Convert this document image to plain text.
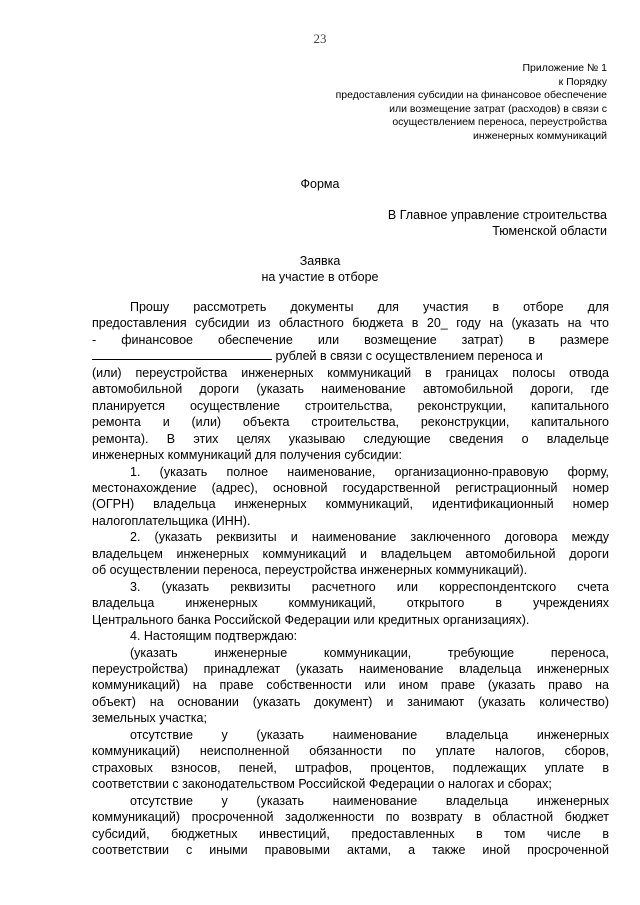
23
Приложение № 1
к Порядку
предоставления субсидии на финансовое обеспечение
или возмещение затрат (расходов) в связи с
осуществлением переноса, переустройства
инженерных коммуникаций
Форма
В Главное управление строительства
Тюменской области
Заявка
на участие в отборе
Прошу рассмотреть документы для участия в отборе для
предоставления субсидии из областного бюджета в 20_ году на (указать на что
- финансовое обеспечение или возмещение затрат) в размере
рублей в связи с осуществлением переноса и
(или) переустройства инженерных коммуникаций в границах полосы отвода
автомобильной дороги (указать наименование автомобильной дороги, где
планируется осуществление строительства, реконструкции, капитального
ремонта и (или) объекта строительства, реконструкции, капитального
ремонта). В этих целях указываю следующие сведения о владельце
инженерных коммуникаций для получения субсидии:
1. (указать полное наименование, организационно-правовую форму,
местонахождение (адрес), основной государственной регистрационный номер
(ОГРН) владельца инженерных коммуникаций, идентификационный номер
налогоплательщика (ИНН).
2. (указать реквизиты и наименование заключенного договора между
владельцем инженерных коммуникаций и владельцем автомобильной дороги
об осуществлении переноса, переустройства инженерных коммуникаций).
3. (указать реквизиты расчетного или корреспондентского счета
владельца инженерных коммуникаций, открытого в учреждениях
Центрального банка Российской Федерации или кредитных организациях).
4. Настоящим подтверждаю:
(указать инженерные коммуникации, требующие переноса,
переустройства) принадлежат (указать наименование владельца инженерных
коммуникаций) на праве собственности или ином праве (указать право на
объект) на основании (указать документ) и занимают (указать количество)
земельных участка;
отсутствие у (указать наименование владельца инженерных
коммуникаций) неисполненной обязанности по уплате налогов, сборов,
страховых взносов, пеней, штрафов, процентов, подлежащих уплате в
соответствии с законодательством Российской Федерации о налогах и сборах;
отсутствие у (указать наименование владельца инженерных
коммуникаций) просроченной задолженности по возврату в областной бюджет
субсидий, бюджетных инвестиций, предоставленных в том числе в
соответствии с иными правовыми актами, а также иной просроченной
